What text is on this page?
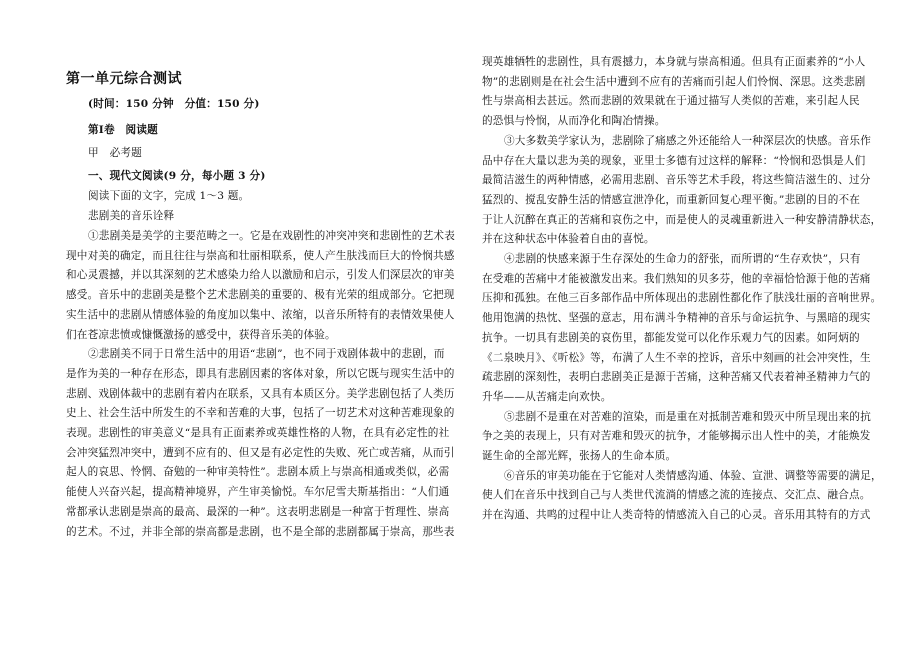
第一单元综合测试
(时间：150 分钟　分值：150 分)
第Ⅰ卷　阅读题
甲　必考题
一、现代文阅读(9 分，每小题 3 分)
阅读下面的文字，完成 1～3 题。
悲剧美的音乐诠释
①悲剧美是美学的主要范畴之一。它是在戏剧性的冲突冲突和悲剧性的艺术表
现中对美的确定，而且往往与崇高和壮丽相联系，使人产生肤浅而巨大的怜悯共感
和心灵震撼，并以其深刻的艺术感染力给人以激励和启示，引发人们深层次的审美
感受。音乐中的悲剧美是整个艺术悲剧美的重要的、极有光荣的组成部分。它把现
实生活中的悲剧从情感体验的角度加以集中、浓缩，以音乐所特有的表情效果使人
们在苍凉悲愤或慷慨激扬的感受中，获得音乐美的体验。
②悲剧美不同于日常生活中的用语“悲剧”，也不同于戏剧体裁中的悲剧，而
是作为美的一种存在形态，即具有悲剧因素的客体对象，所以它既与现实生活中的
悲剧、戏剧体裁中的悲剧有着内在联系，又具有本质区分。美学悲剧包括了人类历
史上、社会生活中所发生的不幸和苦难的大事，包括了一切艺术对这种苦难现象的
表现。悲剧性的审美意义“是具有正面素养或英雄性格的人物，在具有必定性的社
会冲突猛烈冲突中，遭到不应有的、但又是有必定性的失败、死亡或苦痛，从而引
起人的哀思、怜惘、奋勉的一种审美特性”。悲剧本质上与崇高相通或类似，必需
能使人兴奋兴起，提高精神境界，产生审美愉悦。车尔尼雪夫斯基指出：“人们通
常都承认悲剧是崇高的最高、最深的一种”。这表明悲剧是一种富于哲理性、崇高
的艺术。不过，并非全部的崇高都是悲剧，也不是全部的悲剧都属于崇高，那些表
现英雄牺牲的悲剧性，具有震撼力，本身就与崇高相通。但具有正面素养的“小人
物”的悲剧则是在社会生活中遭到不应有的苦痛而引起人们怜悯、深思。这类悲剧
性与崇高相去甚远。然而悲剧的效果就在于通过描写人类似的苦难，来引起人民
的恐惧与怜悯，从而净化和陶冶情操。
③大多数美学家认为，悲剧除了痛感之外还能给人一种深层次的快感。音乐作
品中存在大量以悲为美的现象，亚里士多德有过这样的解释：“怜悯和恐惧是人们
最简洁滋生的两种情感，必需用悲剧、音乐等艺术手段，将这些简洁滋生的、过分
猛烈的、搅乱安静生活的情感宣泄净化，而重新回复心理平衡。”悲剧的目的不在
于让人沉醉在真正的苦痛和哀伤之中，而是使人的灵魂重新进入一种安静清静状态，
并在这种状态中体验着自由的喜悦。
④悲剧的快感来源于生存深处的生命力的舒张，而所谓的“生存欢快”，只有
在受难的苦痛中才能被激发出来。我们熟知的贝多芬，他的幸福恰恰源于他的苦痛
压抑和孤独。在他三百多部作品中所体现出的悲剧性都化作了肤浅壮丽的音响世界。
他用饱满的热忱、坚强的意志，用布满斗争精神的音乐与命运抗争、与黑暗的现实
抗争。一切具有悲剧美的哀伤里，都能发觉可以化作乐观力气的因素。如阿炳的
《二泉映月》、《听松》等，布满了人生不幸的控诉，音乐中刻画的社会冲突性，生
疏悲剧的深刻性，表明白悲剧美正是源于苦痛，这种苦痛又代表着神圣精神力气的
升华——从苦痛走向欢快。
⑤悲剧不是重在对苦难的渲染，而是重在对抵制苦难和毁灭中所呈现出来的抗
争之美的表现上，只有对苦难和毁灭的抗争，才能够揭示出人性中的美，才能焕发
诞生命的全部光辉，张扬人的生命本质。
⑥音乐的审美功能在于它能对人类情感沟通、体验、宣泄、调整等需要的满足，
使人们在音乐中找到自己与人类世代流淌的情感之流的连接点、交汇点、融合点。
并在沟通、共鸣的过程中让人类奇特的情感流入自己的心灵。音乐用其特有的方式
